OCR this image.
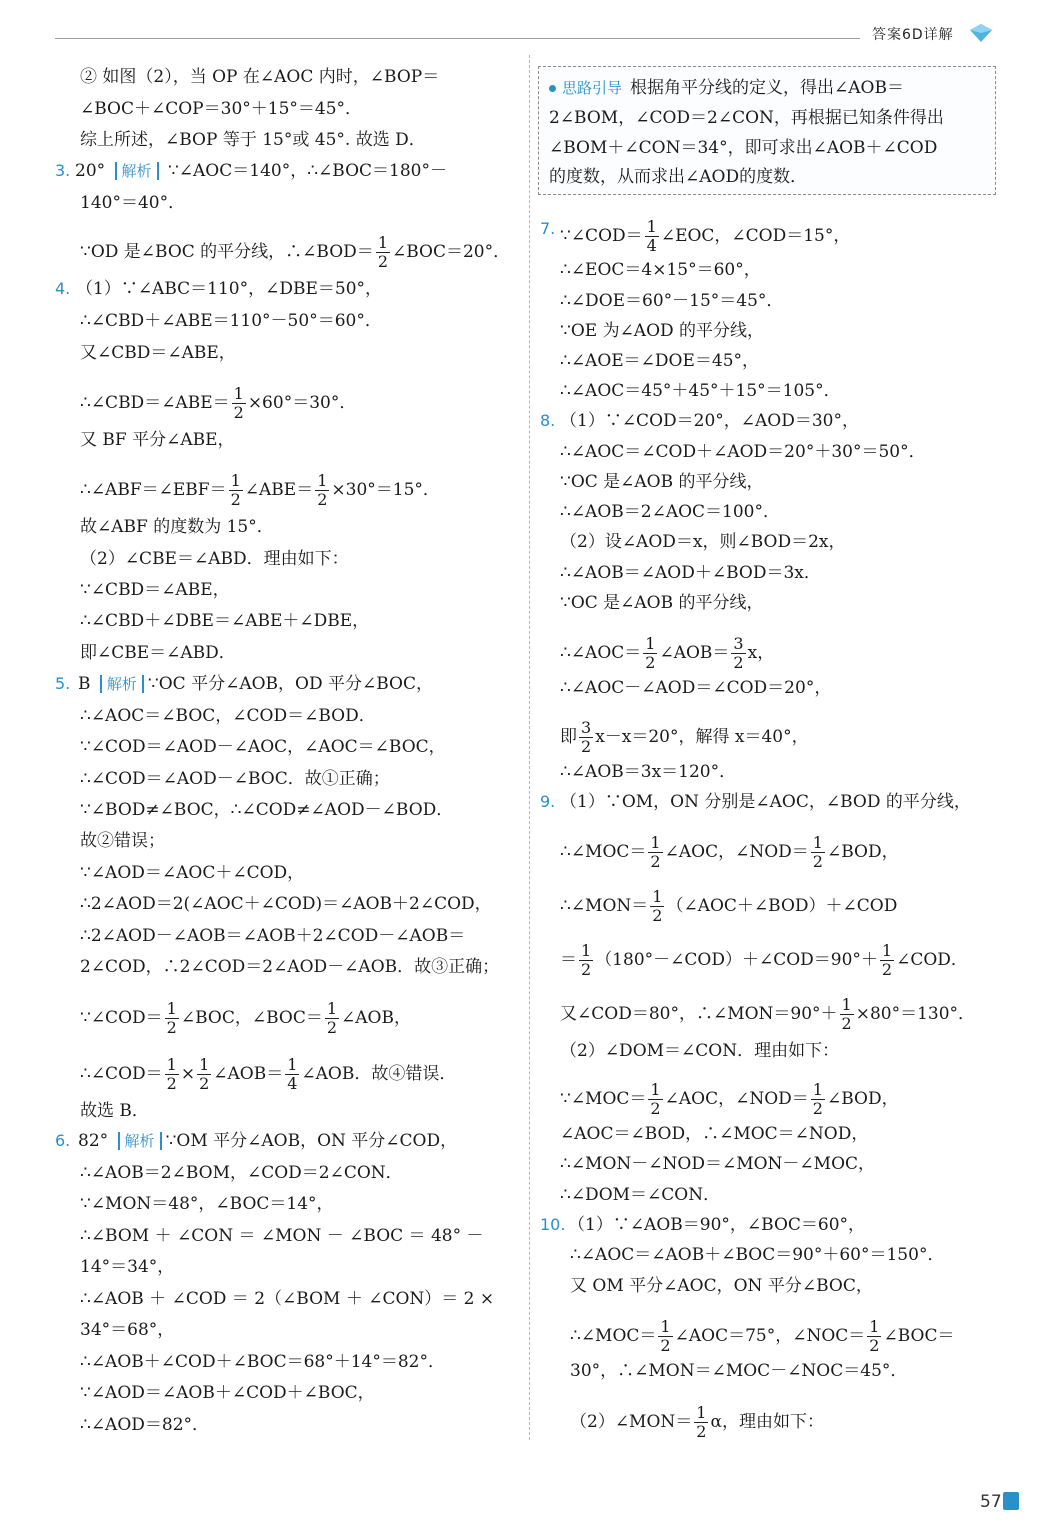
答案6D详解
② 如图（2），当 OP 在∠AOC 内时，∠BOP＝
∠BOC＋∠COP＝30°＋15°＝45°．
综上所述，∠BOP 等于 15°或 45°. 故选 D．
3. 20° 解析 ∵∠AOC＝140°，∴∠BOC＝180°－
140°＝40°．
∵OD 是∠BOC 的平分线，∴∠BOD＝ $\frac{1}{2}$ ∠BOC＝20°．
4. （1）∵∠ABC＝110°，∠DBE＝50°，
∴∠CBD＋∠ABE＝110°－50°＝60°．
又∠CBD＝∠ABE，
∴∠CBD＝∠ABE＝ $\frac{1}{2} \times 60^\circ=30^\circ$．
又 BF 平分∠ABE，
∴∠ABF＝∠EBF＝ $\frac{1}{2}$ ∠ABE＝ $\frac{1}{2} \times 30^\circ=15^\circ$．
故∠ABF 的度数为 15°．
（2）∠CBE＝∠ABD．理由如下：
∵∠CBD＝∠ABE，
∴∠CBD＋∠DBE＝∠ABE＋∠DBE，
即∠CBE＝∠ABD．
5. B 解析 ∵OC 平分∠AOB，OD 平分∠BOC，
∴∠AOC＝∠BOC，∠COD＝∠BOD．
∵∠COD＝∠AOD－∠AOC，∠AOC＝∠BOC，
∴∠COD＝∠AOD－∠BOC．故①正确；
∵∠BOD≠∠BOC，∴∠COD≠∠AOD－∠BOD．
故②错误；
∵∠AOD＝∠AOC＋∠COD，
∴2∠AOD＝2(∠AOC＋∠COD)＝∠AOB＋2∠COD，
∴2∠AOD－∠AOB＝∠AOB＋2∠COD－∠AOB＝
2∠COD，∴2∠COD＝2∠AOD－∠AOB．故③正确；
∵∠COD＝ $\frac{1}{2}$ ∠BOC，∠BOC＝ $\frac{1}{2}$ ∠AOB，
∴∠COD＝ $\frac{1}{2} \times \frac{1}{2}$ ∠AOB＝ $\frac{1}{4}$ ∠AOB．故④错误．
故选 B．
6. 82° 解析 ∵OM 平分∠AOB，ON 平分∠COD，
∴∠AOB＝2∠BOM，∠COD＝2∠CON．
∵∠MON＝48°，∠BOC＝14°，
∴∠BOM ＋ ∠CON ＝ ∠MON － ∠BOC ＝ 48° －
14°＝34°，
∴∠AOB ＋ ∠COD ＝ 2（∠BOM ＋ ∠CON）＝ 2 ×
34°＝68°，
∴∠AOB＋∠COD＋∠BOC＝68°＋14°＝82°．
∵∠AOD＝∠AOB＋∠COD＋∠BOC，
∴∠AOD＝82°．
思路引导 根据角平分线的定义，得出∠AOB＝
2∠BOM，∠COD＝2∠CON，再根据已知条件得出
∠BOM＋∠CON＝34°，即可求出∠AOB＋∠COD
的度数，从而求出∠AOD的度数．
7. ∵∠COD＝ $\frac{1}{4}$ ∠EOC，∠COD＝15°，
∴∠EOC＝4×15°＝60°，
∴∠DOE＝60°－15°＝45°．
∵OE 为∠AOD 的平分线，
∴∠AOE＝∠DOE＝45°，
∴∠AOC＝45°＋45°＋15°＝105°．
8. （1）∵∠COD＝20°，∠AOD＝30°，
∴∠AOC＝∠COD＋∠AOD＝20°＋30°＝50°．
∵OC 是∠AOB 的平分线，
∴∠AOB＝2∠AOC＝100°．
（2）设∠AOD＝x，则∠BOD＝2x，
∴∠AOB＝∠AOD＋∠BOD＝3x．
∵OC 是∠AOB 的平分线，
∴∠AOC＝ $\frac{1}{2}$ ∠AOB＝ $\frac{3}{2}$ x，
∴∠AOC－∠AOD＝∠COD＝20°，
即 $\frac{3}{2} x-x=20^\circ$，解得 x＝40°，
∴∠AOB＝3x＝120°．
9. （1）∵OM，ON 分别是∠AOC，∠BOD 的平分线，
∴∠MOC＝ $\frac{1}{2}$ ∠AOC，∠NOD＝ $\frac{1}{2}$ ∠BOD，
∴∠MON＝ $\frac{1}{2}$ （∠AOC＋∠BOD）＋∠COD
＝ $\frac{1}{2}$ （180°－∠COD）＋∠COD＝90°＋ $\frac{1}{2}$ ∠COD．
又∠COD＝80°，∴∠MON＝90°＋ $\frac{1}{2} \times 80^\circ=130^\circ$．
（2）∠DOM＝∠CON．理由如下：
∵∠MOC＝ $\frac{1}{2}$ ∠AOC，∠NOD＝ $\frac{1}{2}$ ∠BOD，
∠AOC＝∠BOD，∴∠MOC＝∠NOD，
∴∠MON－∠NOD＝∠MON－∠MOC，
∴∠DOM＝∠CON．
10. （1）∵∠AOB＝90°，∠BOC＝60°，
∴∠AOC＝∠AOB＋∠BOC＝90°＋60°＝150°．
又 OM 平分∠AOC，ON 平分∠BOC，
∴∠MOC＝ $\frac{1}{2}$ ∠AOC＝75°，∠NOC＝ $\frac{1}{2}$ ∠BOC＝
30°，∴∠MON＝∠MOC－∠NOC＝45°．
（2）∠MON＝ $\frac{1}{2}$ α，理由如下：
57
